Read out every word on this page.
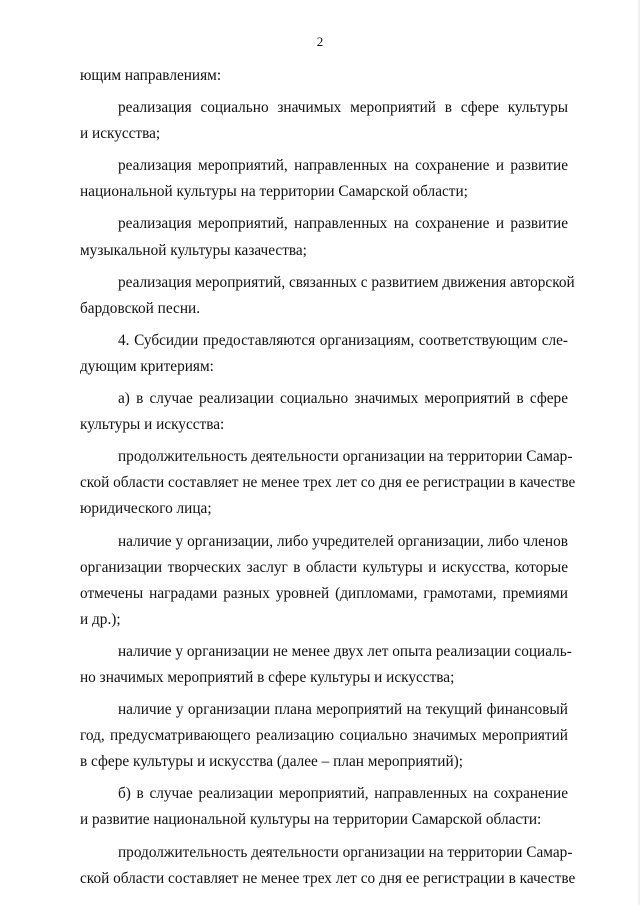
2
ющим направлениям:
реализация социально значимых мероприятий в сфере культуры
и искусства;
реализация мероприятий, направленных на сохранение и развитие
национальной культуры на территории Самарской области;
реализация мероприятий, направленных на сохранение и развитие
музыкальной культуры казачества;
реализация мероприятий, связанных с развитием движения авторской
бардовской песни.
4. Субсидии предоставляются организациям, соответствующим сле-
дующим критериям:
а) в случае реализации социально значимых мероприятий в сфере
культуры и искусства:
продолжительность деятельности организации на территории Самар-
ской области составляет не менее трех лет со дня ее регистрации в качестве
юридического лица;
наличие у организации, либо учредителей организации, либо членов
организации творческих заслуг в области культуры и искусства, которые
отмечены наградами разных уровней (дипломами, грамотами, премиями
и др.);
наличие у организации не менее двух лет опыта реализации социаль-
но значимых мероприятий в сфере культуры и искусства;
наличие у организации плана мероприятий на текущий финансовый
год, предусматривающего реализацию социально значимых мероприятий
в сфере культуры и искусства (далее – план мероприятий);
б) в случае реализации мероприятий, направленных на сохранение
и развитие национальной культуры на территории Самарской области:
продолжительность деятельности организации на территории Самар-
ской области составляет не менее трех лет со дня ее регистрации в качестве
